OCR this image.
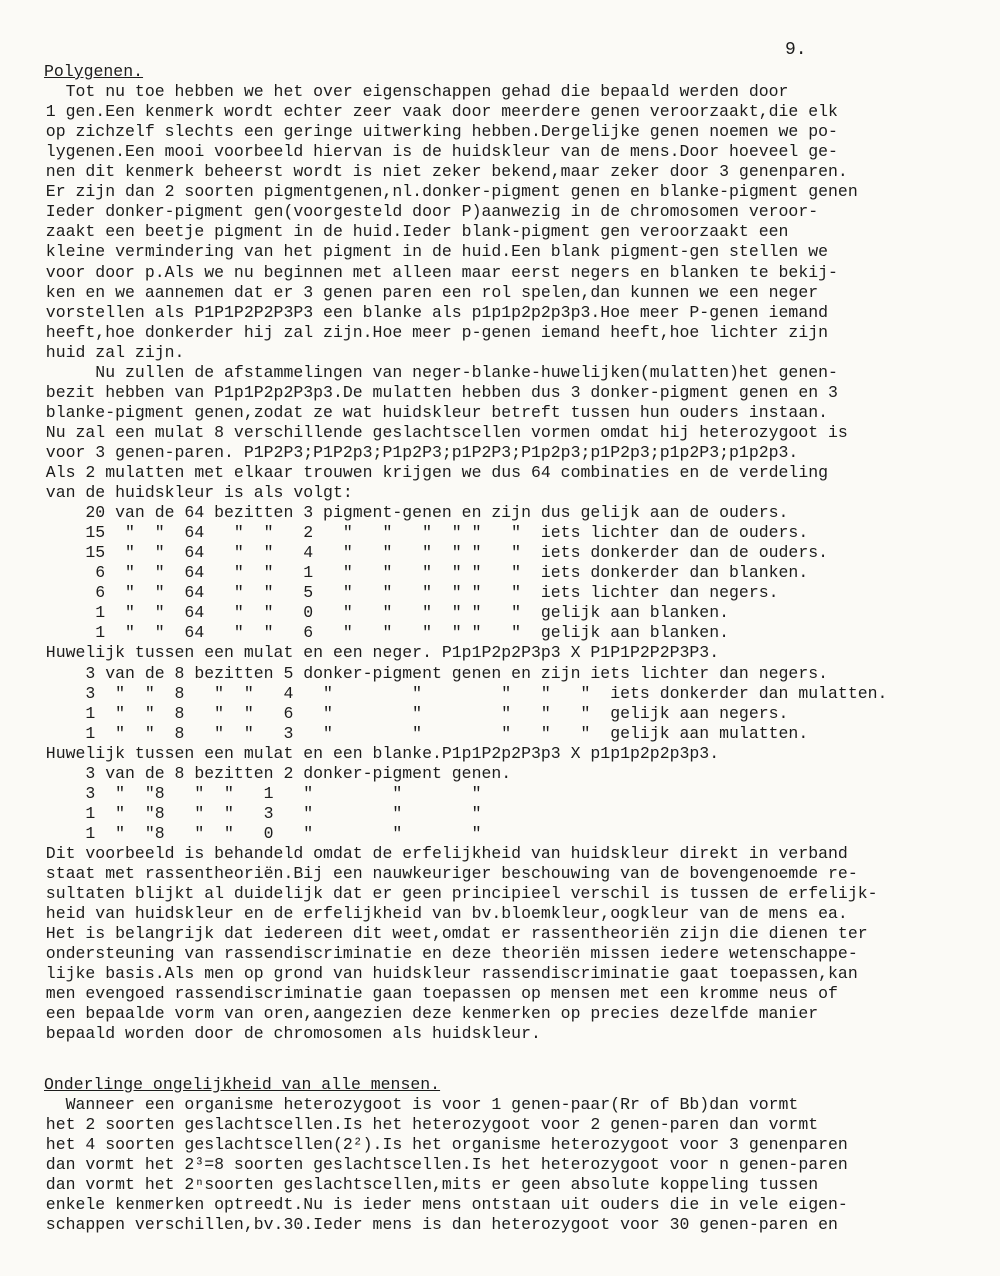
9.
Polygenen.
Tot nu toe hebben we het over eigenschappen gehad die bepaald werden door
1 gen.Een kenmerk wordt echter zeer vaak door meerdere genen veroorzaakt,die elk
op zichzelf slechts een geringe uitwerking hebben.Dergelijke genen noemen we po-
lygenen.Een mooi voorbeeld hiervan is de huidskleur van de mens.Door hoeveel ge-
nen dit kenmerk beheerst wordt is niet zeker bekend,maar zeker door 3 genenparen.
Er zijn dan 2 soorten pigmentgenen,nl.donker-pigment genen en blanke-pigment genen
Ieder donker-pigment gen(voorgesteld door P)aanwezig in de chromosomen veroor-
zaakt een beetje pigment in de huid.Ieder blank-pigment gen veroorzaakt een
kleine vermindering van het pigment in de huid.Een blank pigment-gen stellen we
voor door p.Als we nu beginnen met alleen maar eerst negers en blanken te bekij-
ken en we aannemen dat er 3 genen paren een rol spelen,dan kunnen we een neger
vorstellen als P1P1P2P2P3P3 een blanke als p1p1p2p2p3p3.Hoe meer P-genen iemand
heeft,hoe donkerder hij zal zijn.Hoe meer p-genen iemand heeft,hoe lichter zijn
huid zal zijn.
Nu zullen de afstammelingen van neger-blanke-huwelijken(mulatten)het genen-
bezit hebben van P1p1P2p2P3p3.De mulatten hebben dus 3 donker-pigment genen en 3
blanke-pigment genen,zodat ze wat huidskleur betreft tussen hun ouders instaan.
Nu zal een mulat 8 verschillende geslachtscellen vormen omdat hij heterozygoot is
voor 3 genen-paren. P1P2P3;P1P2p3;P1p2P3;p1P2P3;P1p2p3;p1P2p3;p1p2P3;p1p2p3.
Als 2 mulatten met elkaar trouwen krijgen we dus 64 combinaties en de verdeling
van de huidskleur is als volgt:
20 van de 64 bezitten 3 pigment-genen en zijn dus gelijk aan de ouders.
15  "  "  64   "  "   2   "   "   "  " "   "  iets lichter dan de ouders.
15  "  "  64   "  "   4   "   "   "  " "   "  iets donkerder dan de ouders.
6  "  "  64   "  "   1   "   "   "  " "   "  iets donkerder dan blanken.
6  "  "  64   "  "   5   "   "   "  " "   "  iets lichter dan negers.
1  "  "  64   "  "   0   "   "   "  " "   "  gelijk aan blanken.
1  "  "  64   "  "   6   "   "   "  " "   "  gelijk aan blanken.
Huwelijk tussen een mulat en een neger. P1p1P2p2P3p3 X P1P1P2P2P3P3.
3 van de 8 bezitten 5 donker-pigment genen en zijn iets lichter dan negers.
3  "  "  8   "  "   4   "        "        "   "   "  iets donkerder dan mulatten.
1  "  "  8   "  "   6   "        "        "   "   "  gelijk aan negers.
1  "  "  8   "  "   3   "        "        "   "   "  gelijk aan mulatten.
Huwelijk tussen een mulat en een blanke.P1p1P2p2P3p3 X p1p1p2p2p3p3.
3 van de 8 bezitten 2 donker-pigment genen.
3  "  "8   "  "   1   "        "       "
1  "  "8   "  "   3   "        "       "
1  "  "8   "  "   0   "        "       "
Dit voorbeeld is behandeld omdat de erfelijkheid van huidskleur direkt in verband
staat met rassentheoriën.Bij een nauwkeuriger beschouwing van de bovengenoemde re-
sultaten blijkt al duidelijk dat er geen principieel verschil is tussen de erfelijk-
heid van huidskleur en de erfelijkheid van bv.bloemkleur,oogkleur van de mens ea.
Het is belangrijk dat iedereen dit weet,omdat er rassentheoriën zijn die dienen ter
ondersteuning van rassendiscriminatie en deze theoriën missen iedere wetenschappe-
lijke basis.Als men op grond van huidskleur rassendiscriminatie gaat toepassen,kan
men evengoed rassendiscriminatie gaan toepassen op mensen met een kromme neus of
een bepaalde vorm van oren,aangezien deze kenmerken op precies dezelfde manier
bepaald worden door de chromosomen als huidskleur.
Onderlinge ongelijkheid van alle mensen.
Wanneer een organisme heterozygoot is voor 1 genen-paar(Rr of Bb)dan vormt
het 2 soorten geslachtscellen.Is het heterozygoot voor 2 genen-paren dan vormt
het 4 soorten geslachtscellen(2²).Is het organisme heterozygoot voor 3 genenparen
dan vormt het 2³=8 soorten geslachtscellen.Is het heterozygoot voor n genen-paren
dan vormt het 2ⁿsoorten geslachtscellen,mits er geen absolute koppeling tussen
enkele kenmerken optreedt.Nu is ieder mens ontstaan uit ouders die in vele eigen-
schappen verschillen,bv.30.Ieder mens is dan heterozygoot voor 30 genen-paren en
